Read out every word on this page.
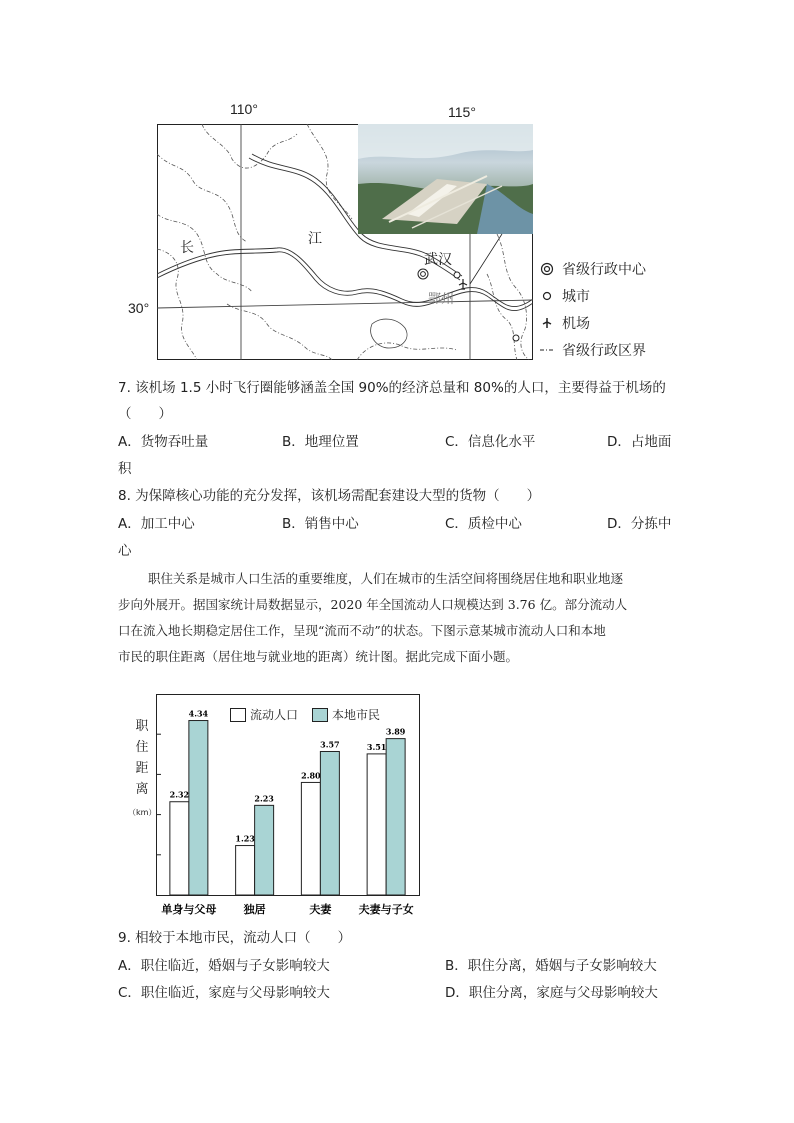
110°	115°
30°
长
江
武汉
鄂州
省级行政中心
城市
机场
省级行政区界
7. 该机场 1.5 小时飞行圈能够涵盖全国 90%的经济总量和 80%的人口，主要得益于机场的
（　　）
A．货物吞吐量	B．地理位置	C．信息化水平	D．占地面
积
8. 为保障核心功能的充分发挥，该机场需配套建设大型的货物（　　）
A．加工中心	B．销售中心	C．质检中心	D．分拣中
心
职住关系是城市人口生活的重要维度，人们在城市的生活空间将围绕居住地和职业地逐
步向外展开。据国家统计局数据显示，2020 年全国流动人口规模达到 3.76 亿。部分流动人
口在流入地长期稳定居住工作，呈现“流而不动”的状态。下图示意某城市流动人口和本地
市民的职住距离（居住地与就业地的距离）统计图。据此完成下面小题。
2.32
4.34
单身与父母
1.23
2.23
独居
2.80
3.57
夫妻
3.51
3.89
夫妻与子女
职
住
距
离
（km）
流动人口	本地市民
9. 相较于本地市民，流动人口（　　）
A．职住临近，婚姻与子女影响较大	B．职住分离，婚姻与子女影响较大
C．职住临近，家庭与父母影响较大	D．职住分离，家庭与父母影响较大
